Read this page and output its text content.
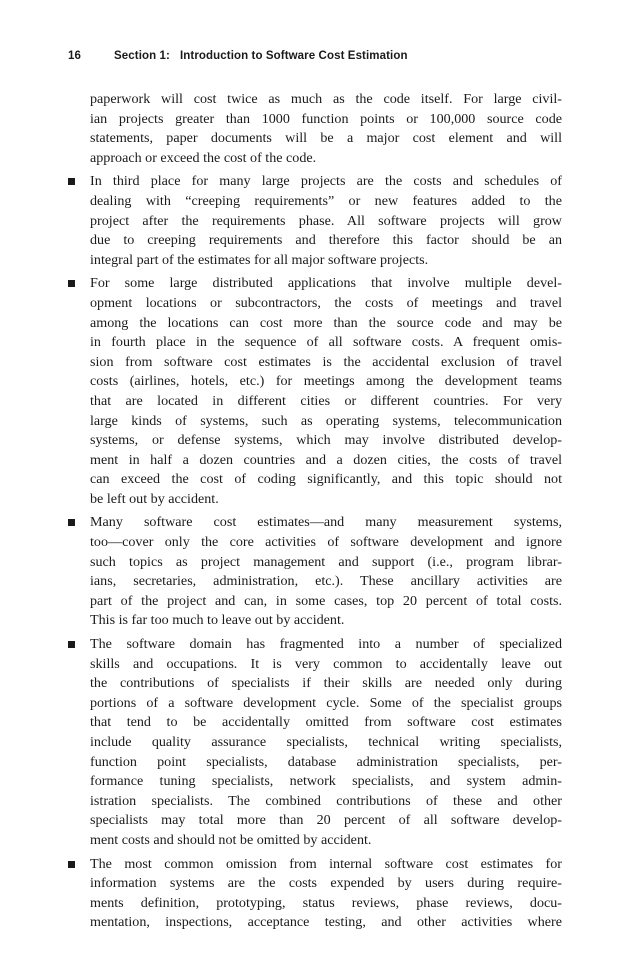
16	Section 1: Introduction to Software Cost Estimation
paperwork will cost twice as much as the code itself. For large civil-
ian projects greater than 1000 function points or 100,000 source code
statements, paper documents will be a major cost element and will
approach or exceed the cost of the code.
In third place for many large projects are the costs and schedules of
dealing with “creeping requirements” or new features added to the
project after the requirements phase. All software projects will grow
due to creeping requirements and therefore this factor should be an
integral part of the estimates for all major software projects.
For some large distributed applications that involve multiple devel-
opment locations or subcontractors, the costs of meetings and travel
among the locations can cost more than the source code and may be
in fourth place in the sequence of all software costs. A frequent omis-
sion from software cost estimates is the accidental exclusion of travel
costs (airlines, hotels, etc.) for meetings among the development teams
that are located in different cities or different countries. For very
large kinds of systems, such as operating systems, telecommunication
systems, or defense systems, which may involve distributed develop-
ment in half a dozen countries and a dozen cities, the costs of travel
can exceed the cost of coding significantly, and this topic should not
be left out by accident.
Many software cost estimates—and many measurement systems,
too—cover only the core activities of software development and ignore
such topics as project management and support (i.e., program librar-
ians, secretaries, administration, etc.). These ancillary activities are
part of the project and can, in some cases, top 20 percent of total costs.
This is far too much to leave out by accident.
The software domain has fragmented into a number of specialized
skills and occupations. It is very common to accidentally leave out
the contributions of specialists if their skills are needed only during
portions of a software development cycle. Some of the specialist groups
that tend to be accidentally omitted from software cost estimates
include quality assurance specialists, technical writing specialists,
function point specialists, database administration specialists, per-
formance tuning specialists, network specialists, and system admin-
istration specialists. The combined contributions of these and other
specialists may total more than 20 percent of all software develop-
ment costs and should not be omitted by accident.
The most common omission from internal software cost estimates for
information systems are the costs expended by users during require-
ments definition, prototyping, status reviews, phase reviews, docu-
mentation, inspections, acceptance testing, and other activities where
